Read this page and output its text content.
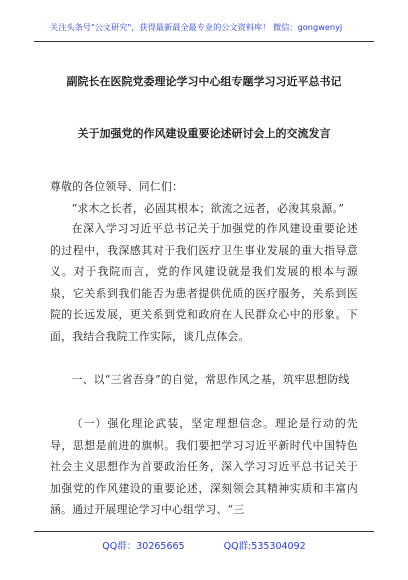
关注头条号"公文研究"，获得最新最全最专业的公文资料库！ 微信：gongwenyj
副院长在医院党委理论学习中心组专题学习习近平总书记
关于加强党的作风建设重要论述研讨会上的交流发言
尊敬的各位领导、同仁们：
“求木之长者，必固其根本；欲流之远者，必浚其泉源。”
在深入学习习近平总书记关于加强党的作风建设重要论述的过程中，我深感其对于我们医疗卫生事业发展的重大指导意义。对于我院而言，党的作风建设就是我们发展的根本与源泉，它关系到我们能否为患者提供优质的医疗服务，关系到医院的长远发展，更关系到党和政府在人民群众心中的形象。下面，我结合我院工作实际，谈几点体会。
一、以“三省吾身”的自觉，常思作风之基，筑牢思想防线
（一）强化理论武装，坚定理想信念。理论是行动的先导，思想是前进的旗帜。我们要把学习习近平新时代中国特色社会主义思想作为首要政治任务，深入学习习近平总书记关于加强党的作风建设的重要论述，深刻领会其精神实质和丰富内涵。通过开展理论学习中心组学习、“三
QQ群：30265665	QQ群:535304092
